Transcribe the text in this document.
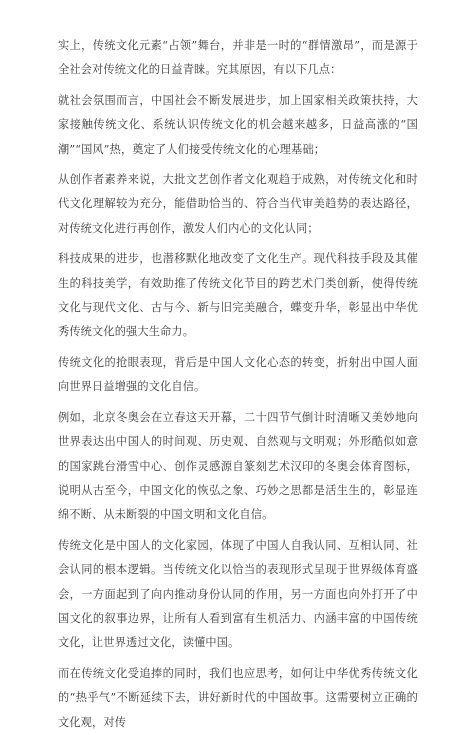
实上，传统文化元素“占领”舞台，并非是一时的“群情激昂”，而是源于全社会对传统文化的日益青睐。究其原因，有以下几点：

就社会氛围而言，中国社会不断发展进步，加上国家相关政策扶持，大家接触传统文化、系统认识传统文化的机会越来越多，日益高涨的“国潮”“国风”热，奠定了人们接受传统文化的心理基础；

从创作者素养来说，大批文艺创作者文化观趋于成熟，对传统文化和时代文化理解较为充分，能借助恰当的、符合当代审美趋势的表达路径，对传统文化进行再创作，激发人们内心的文化认同；

科技成果的进步，也潜移默化地改变了文化生产。现代科技手段及其催生的科技美学，有效助推了传统文化节目的跨艺术门类创新，使得传统文化与现代文化、古与今、新与旧完美融合，蝶变升华，彰显出中华优秀传统文化的强大生命力。

传统文化的抢眼表现，背后是中国人文化心态的转变，折射出中国人面向世界日益增强的文化自信。

例如，北京冬奥会在立春这天开幕，二十四节气倒计时清晰又美妙地向世界表达出中国人的时间观、历史观、自然观与文明观；外形酷似如意的国家跳台滑雪中心、创作灵感源自篆刻艺术汉印的冬奥会体育图标，说明从古至今，中国文化的恢弘之象、巧妙之思都是活生生的，彰显连绵不断、从未断裂的中国文明和文化自信。

传统文化是中国人的文化家园，体现了中国人自我认同、互相认同、社会认同的根本逻辑。当传统文化以恰当的表现形式呈现于世界级体育盛会，一方面起到了向内推动身份认同的作用，另一方面也向外打开了中国文化的叙事边界，让所有人看到富有生机活力、内涵丰富的中国传统文化，让世界透过文化，读懂中国。

而在传统文化受追捧的同时，我们也应思考，如何让中华优秀传统文化的“热乎气”不断延续下去，讲好新时代的中国故事。这需要树立正确的文化观，对传
